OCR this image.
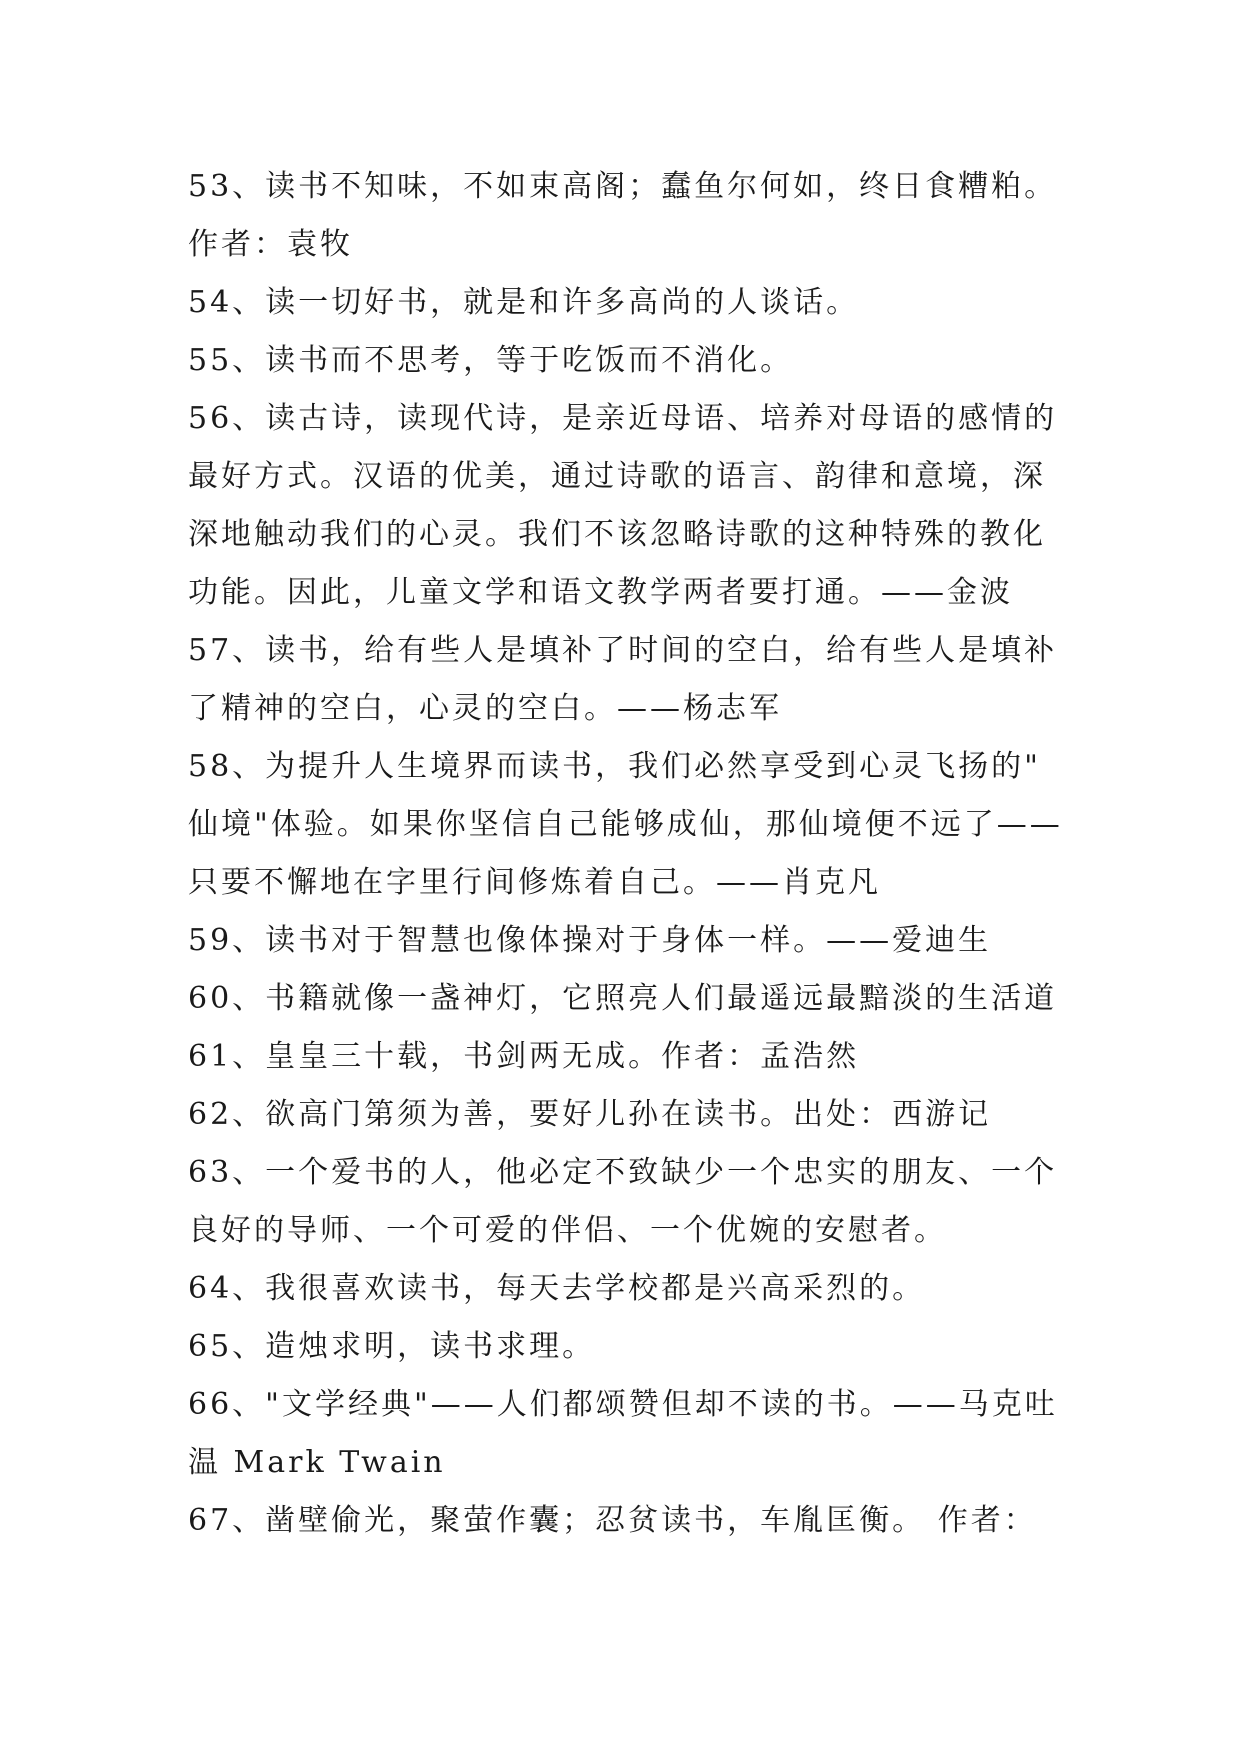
53、读书不知味，不如束高阁；蠢鱼尔何如，终日食糟粕。
作者：袁牧
54、读一切好书，就是和许多高尚的人谈话。
55、读书而不思考，等于吃饭而不消化。
56、读古诗，读现代诗，是亲近母语、培养对母语的感情的
最好方式。汉语的优美，通过诗歌的语言、韵律和意境，深
深地触动我们的心灵。我们不该忽略诗歌的这种特殊的教化
功能。因此，儿童文学和语文教学两者要打通。——金波
57、读书，给有些人是填补了时间的空白，给有些人是填补
了精神的空白，心灵的空白。——杨志军
58、为提升人生境界而读书，我们必然享受到心灵飞扬的"
仙境"体验。如果你坚信自己能够成仙，那仙境便不远了——
只要不懈地在字里行间修炼着自己。——肖克凡
59、读书对于智慧也像体操对于身体一样。——爱迪生
60、书籍就像一盏神灯，它照亮人们最遥远最黯淡的生活道
61、皇皇三十载，书剑两无成。作者：孟浩然
62、欲高门第须为善，要好儿孙在读书。出处：西游记
63、一个爱书的人，他必定不致缺少一个忠实的朋友、一个
良好的导师、一个可爱的伴侣、一个优婉的安慰者。
64、我很喜欢读书，每天去学校都是兴高采烈的。
65、造烛求明，读书求理。
66、"文学经典"——人们都颂赞但却不读的书。——马克吐
温 Mark Twain
67、凿壁偷光，聚萤作囊；忍贫读书，车胤匡衡。 作者：
